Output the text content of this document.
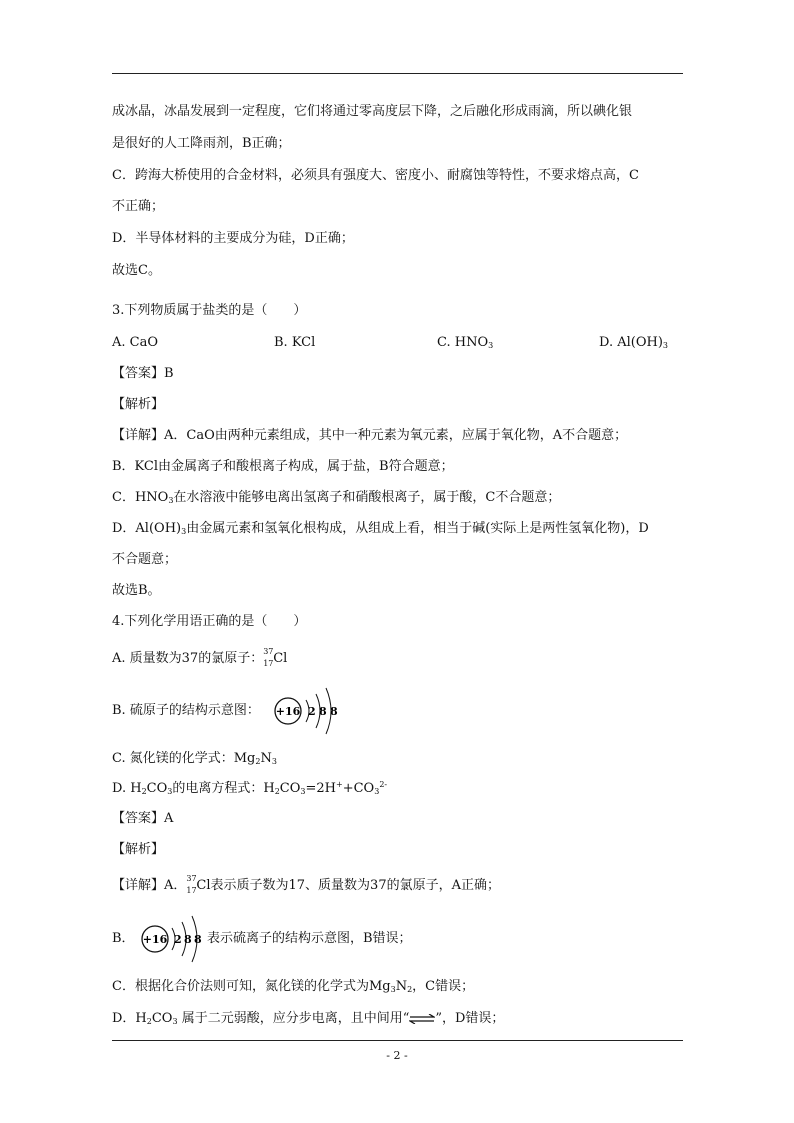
成冰晶，冰晶发展到一定程度，它们将通过零高度层下降，之后融化形成雨滴，所以碘化银
是很好的人工降雨剂，B正确；
C．跨海大桥使用的合金材料，必须具有强度大、密度小、耐腐蚀等特性，不要求熔点高，C
不正确；
D．半导体材料的主要成分为硅，D正确；
故选C。
3.下列物质属于盐类的是（　　）
A. CaO	B. KCl	C. $HNO_3$	D. $Al(OH)_3$
【答案】B
【解析】
【详解】A．CaO由两种元素组成，其中一种元素为氧元素，应属于氧化物，A不合题意；
B．KCl由金属离子和酸根离子构成，属于盐，B符合题意；
C．$HNO_3$在水溶液中能够电离出氢离子和硝酸根离子，属于酸，C不合题意；
D．$Al(OH)_3$由金属元素和氢氧化根构成，从组成上看，相当于碱(实际上是两性氢氧化物)，D
不合题意；
故选B。
4.下列化学用语正确的是（　　）
A. 质量数为37的氯原子： 37
17 Cl
B. 硫原子的结构示意图： +16 2 8 8
C. 氮化镁的化学式：$Mg_2N_3$
D. $H_2CO_3$的电离方程式：$H_2CO_3=2H^++CO_3^{2-}$
【答案】A
【解析】
【详解】A． 37
17 Cl表示质子数为17、质量数为37的氯原子，A正确；
B． +16 2 8 8 表示硫离子的结构示意图，B错误；
C．根据化合价法则可知，氮化镁的化学式为$Mg_3N_2$，C错误；
D．$H_2CO_3$ 属于二元弱酸，应分步电离，且中间用“⇌”，D错误；
- 2 -
